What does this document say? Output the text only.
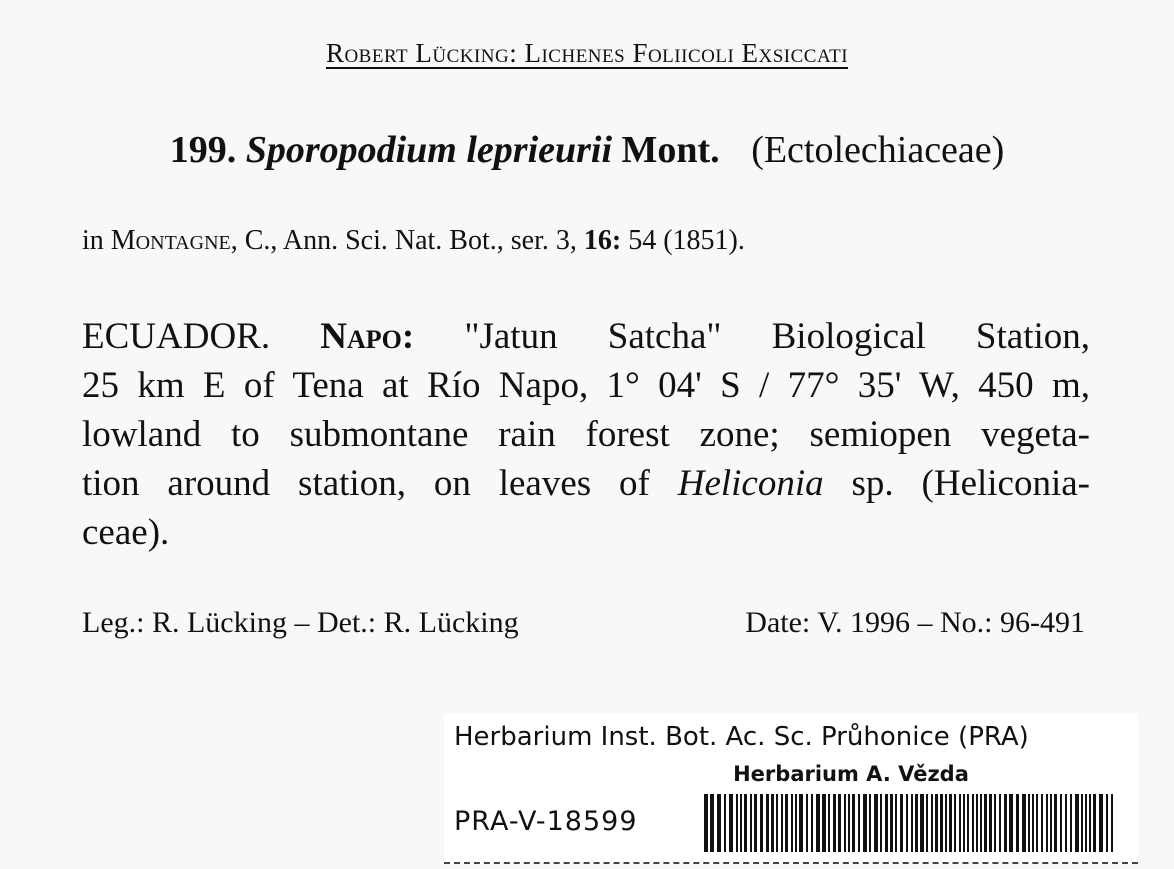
Robert Lücking: Lichenes Foliicoli Exsiccati
199. Sporopodium leprieurii Mont. (Ectolechiaceae)
in Montagne, C., Ann. Sci. Nat. Bot., ser. 3, 16: 54 (1851).
ECUADOR. Napo: "Jatun Satcha" Biological Station,
25 km E of Tena at Río Napo, 1° 04' S / 77° 35' W, 450 m,
lowland to submontane rain forest zone; semiopen vegeta-
tion around station, on leaves of Heliconia sp. (Heliconia-
ceae).
Leg.: R. Lücking – Det.: R. Lücking	Date: V. 1996 – No.: 96-491
Herbarium Inst. Bot. Ac. Sc. Průhonice (PRA)
Herbarium A. Vězda
PRA-V-18599
